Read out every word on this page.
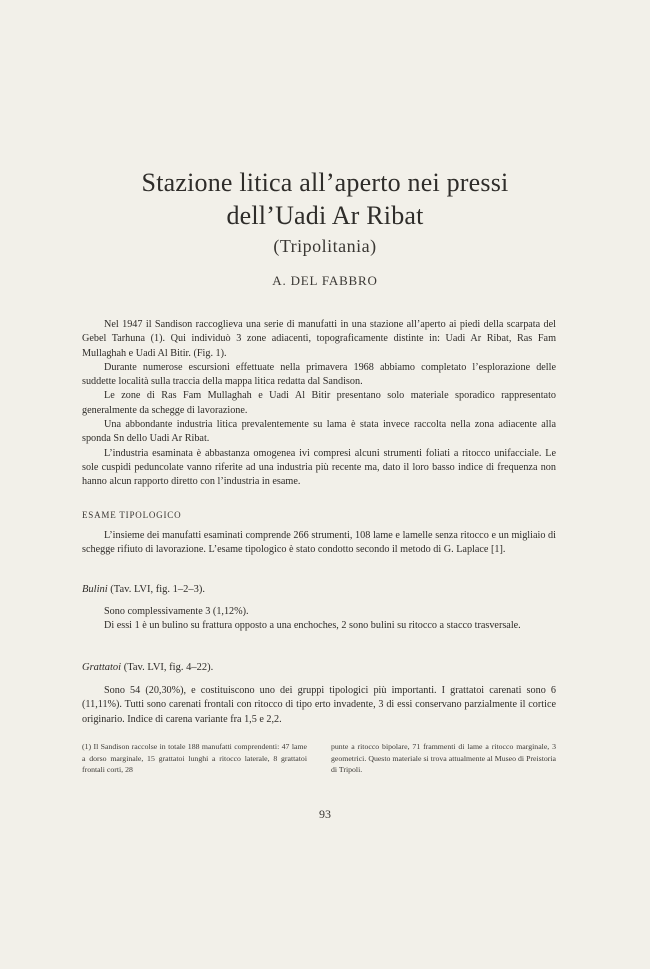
Stazione litica all’aperto nei pressi
dell’Uadi Ar Ribat
(Tripolitania)
A. DEL FABBRO

Nel 1947 il Sandison raccoglieva una serie di manufatti in una stazione all’aperto ai piedi della scarpata del Gebel Tarhuna (1). Qui individuò 3 zone adiacenti, topograficamente distinte in: Uadi Ar Ribat, Ras Fam Mullaghah e Uadi Al Bitir. (Fig. 1).

Durante numerose escursioni effettuate nella primavera 1968 abbiamo completato l’esplorazione delle suddette località sulla traccia della mappa litica redatta dal Sandison.

Le zone di Ras Fam Mullaghah e Uadi Al Bitir presentano solo materiale sporadico rappresentato generalmente da schegge di lavorazione.

Una abbondante industria litica prevalentemente su lama è stata invece raccolta nella zona adiacente alla sponda Sn dello Uadi Ar Ribat.

L’industria esaminata è abbastanza omogenea ivi compresi alcuni strumenti foliati a ritocco unifacciale. Le sole cuspidi peduncolate vanno riferite ad una industria più recente ma, dato il loro basso indice di frequenza non hanno alcun rapporto diretto con l’industria in esame.

ESAME TIPOLOGICO

L’insieme dei manufatti esaminati comprende 266 strumenti, 108 lame e lamelle senza ritocco e un migliaio di schegge rifiuto di lavorazione. L’esame tipologico è stato condotto secondo il metodo di G. Laplace [1].

Bulini (Tav. LVI, fig. 1–2–3).

Sono complessivamente 3 (1,12%).

Di essi 1 è un bulino su frattura opposto a una enchoches, 2 sono bulini su ritocco a stacco trasversale.

Grattatoi (Tav. LVI, fig. 4–22).

Sono 54 (20,30%), e costituiscono uno dei gruppi tipologici più importanti. I grattatoi carenati sono 6 (11,11%). Tutti sono carenati frontali con ritocco di tipo erto invadente, 3 di essi conservano parzialmente il cortice originario. Indice di carena variante fra 1,5 e 2,2.

(1) Il Sandison raccolse in totale 188 manufatti comprendenti: 47 lame a dorso marginale, 15 grattatoi lunghi a ritocco laterale, 8 grattatoi frontali corti, 28
punte a ritocco bipolare, 71 frammenti di lame a ritocco marginale, 3 geometrici. Questo materiale si trova attualmente al Museo di Preistoria di Tripoli.
93
